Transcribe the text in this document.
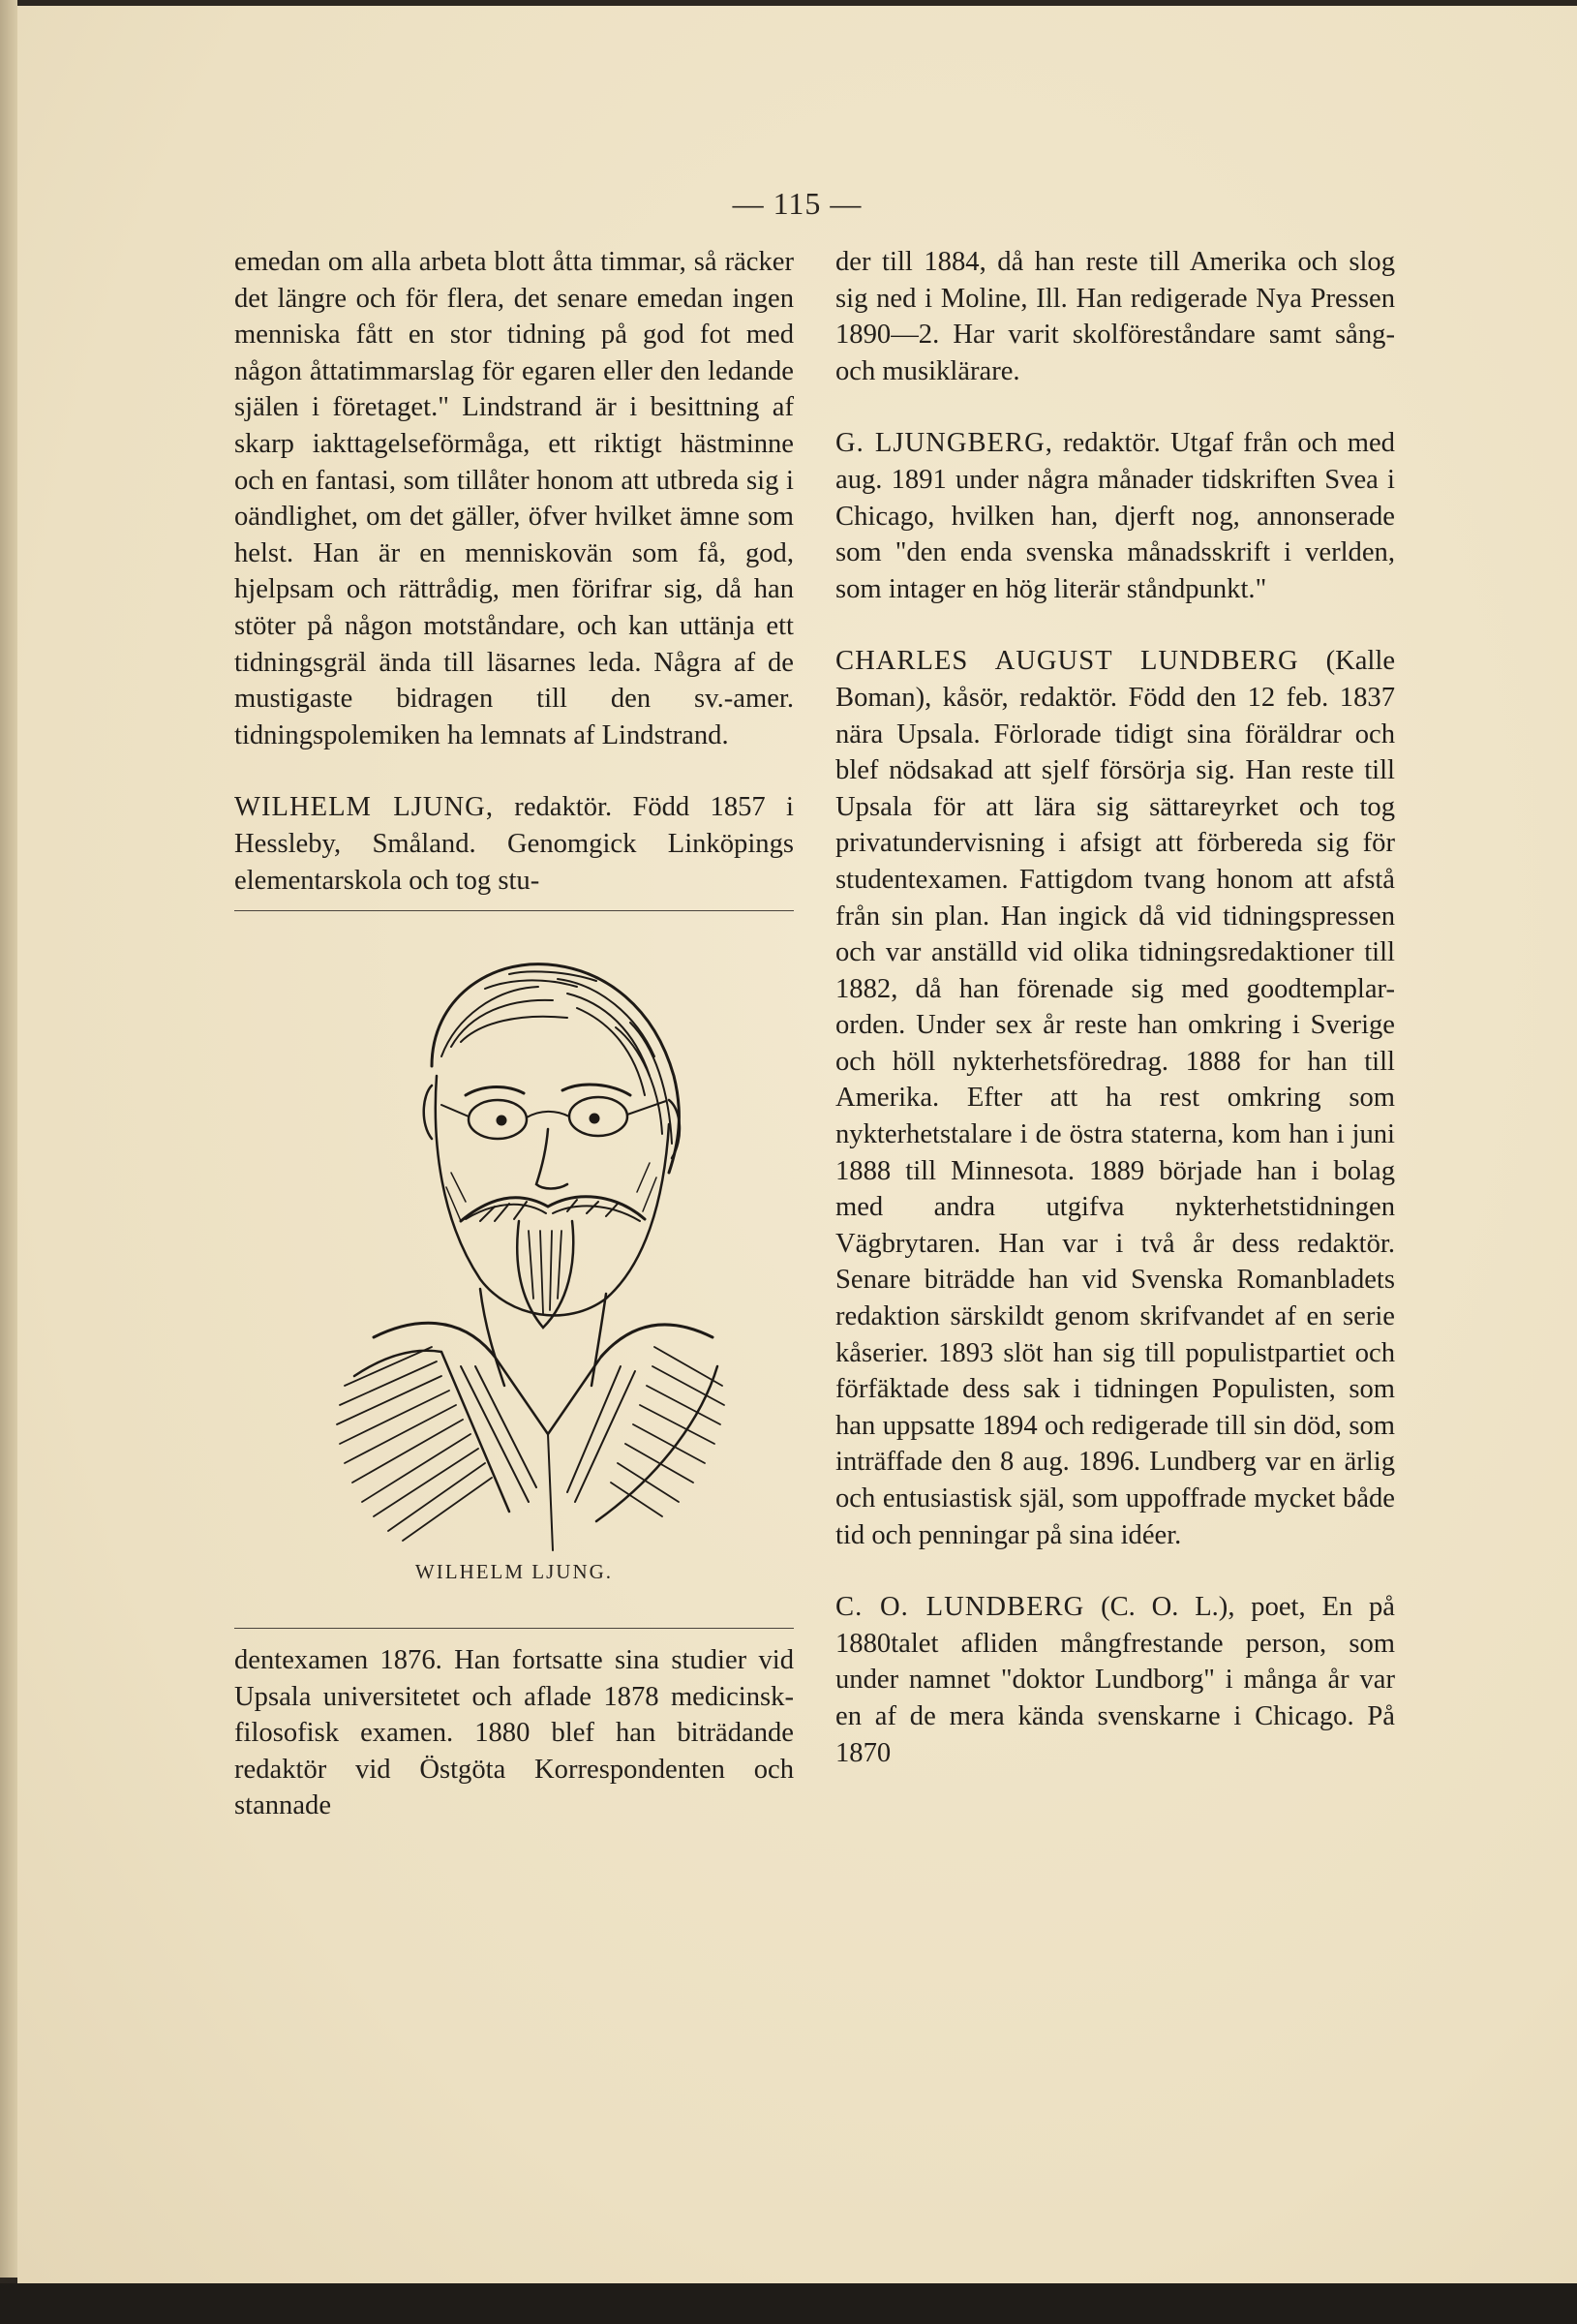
— 115 —

emedan om alla arbeta blott åtta timmar, så räcker det längre och för flera, det senare emedan ingen menniska fått en stor tidning på god fot med någon åttatimmarslag för egaren eller den ledande själen i företaget." Lindstrand är i besittning af skarp iakttagelseförmåga, ett riktigt hästminne och en fantasi, som tillåter honom att utbreda sig i oändlighet, om det gäller, öfver hvilket ämne som helst. Han är en menniskovän som få, god, hjelpsam och rättrådig, men förifrar sig, då han stöter på någon motståndare, och kan uttänja ett tidningsgräl ända till läsarnes leda. Några af de mustigaste bidragen till den sv.-amer. tidningspolemiken ha lemnats af Lindstrand.

WILHELM LJUNG, redaktör. Född 1857 i Hessleby, Småland. Genomgick Linköpings elementarskola och tog stu-

WILHELM LJUNG.

dentexamen 1876. Han fortsatte sina studier vid Upsala universitetet och aflade 1878 medicinsk-filosofisk examen. 1880 blef han biträdande redaktör vid Östgöta Korrespondenten och stannade

der till 1884, då han reste till Amerika och slog sig ned i Moline, Ill. Han redigerade Nya Pressen 1890—2. Har varit skolföreståndare samt sång- och musiklärare.

G. LJUNGBERG, redaktör. Utgaf från och med aug. 1891 under några månader tidskriften Svea i Chicago, hvilken han, djerft nog, annonserade som "den enda svenska månadsskrift i verlden, som intager en hög literär ståndpunkt."

CHARLES AUGUST LUNDBERG (Kalle Boman), kåsör, redaktör. Född den 12 feb. 1837 nära Upsala. Förlorade tidigt sina föräldrar och blef nödsakad att sjelf försörja sig. Han reste till Upsala för att lära sig sättareyrket och tog privatundervisning i afsigt att förbereda sig för studentexamen. Fattigdom tvang honom att afstå från sin plan. Han ingick då vid tidningspressen och var anställd vid olika tidningsredaktioner till 1882, då han förenade sig med goodtemplar-orden. Under sex år reste han omkring i Sverige och höll nykterhetsföredrag. 1888 for han till Amerika. Efter att ha rest omkring som nykterhetstalare i de östra staterna, kom han i juni 1888 till Minnesota. 1889 började han i bolag med andra utgifva nykterhetstidningen Vägbrytaren. Han var i två år dess redaktör. Senare biträdde han vid Svenska Romanbladets redaktion särskildt genom skrifvandet af en serie kåserier. 1893 slöt han sig till populistpartiet och förfäktade dess sak i tidningen Populisten, som han uppsatte 1894 och redigerade till sin död, som inträffade den 8 aug. 1896. Lundberg var en ärlig och entusiastisk själ, som uppoffrade mycket både tid och penningar på sina idéer.

C. O. LUNDBERG (C. O. L.), poet, En på 1880talet afliden mångfrestande person, som under namnet "doktor Lundborg" i många år var en af de mera kända svenskarne i Chicago. På 1870
